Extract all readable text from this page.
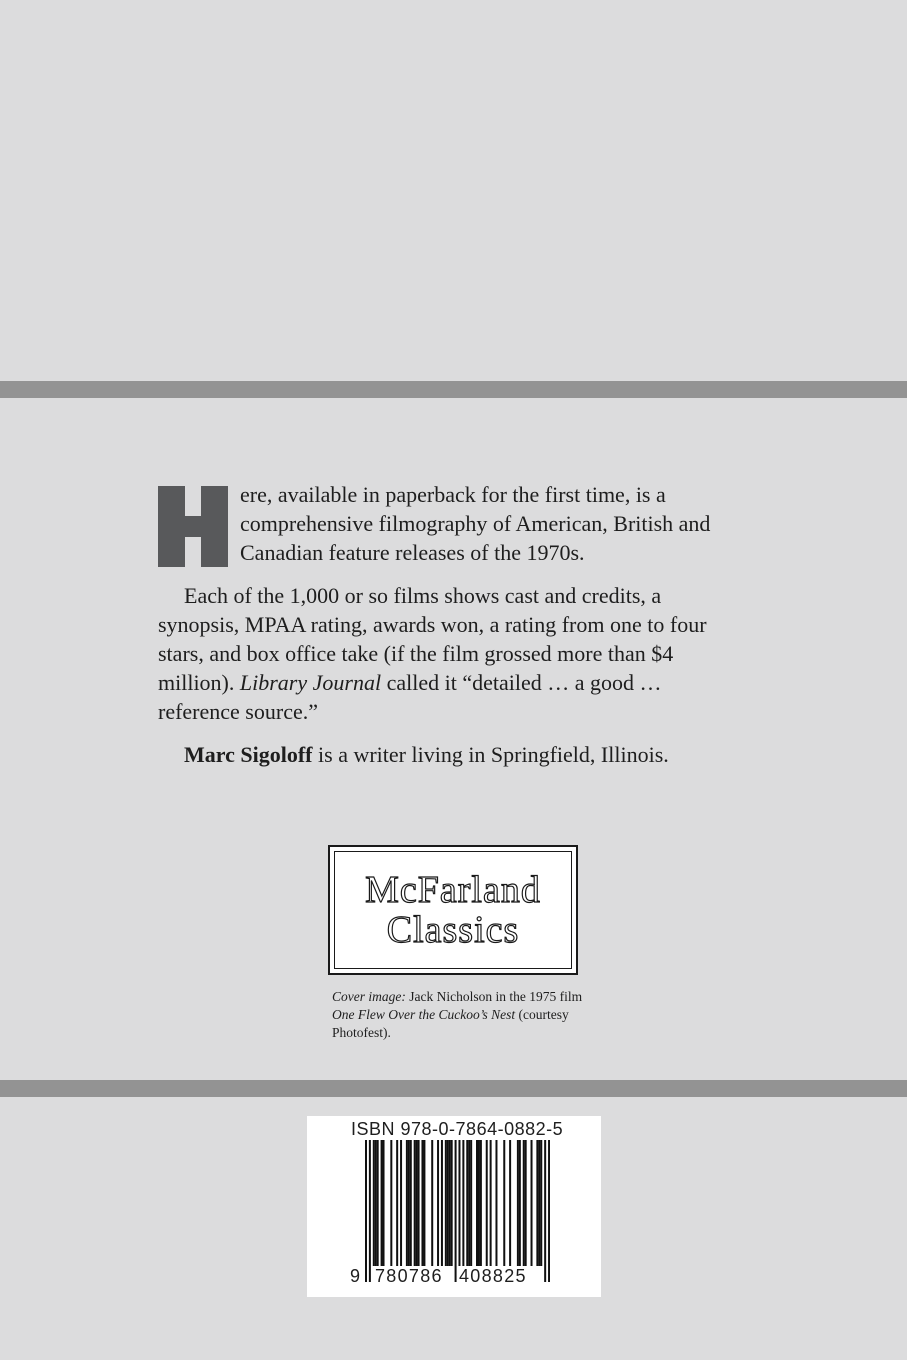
ere, available in paperback for the first time, is a comprehensive filmography of American, British and Canadian feature releases of the 1970s.

Each of the 1,000 or so films shows cast and credits, a synopsis, MPAA rating, awards won, a rating from one to four stars, and box office take (if the film grossed more than $4 million). Library Journal called it “detailed … a good … reference source.”

Marc Sigoloff is a writer living in Springfield, Illinois.

McFarland
Classics
Cover image: Jack Nicholson in the 1975 film One Flew Over the Cuckoo’s Nest (courtesy Photofest).
ISBN 978-0-7864-0882-5
9 780786 408825
